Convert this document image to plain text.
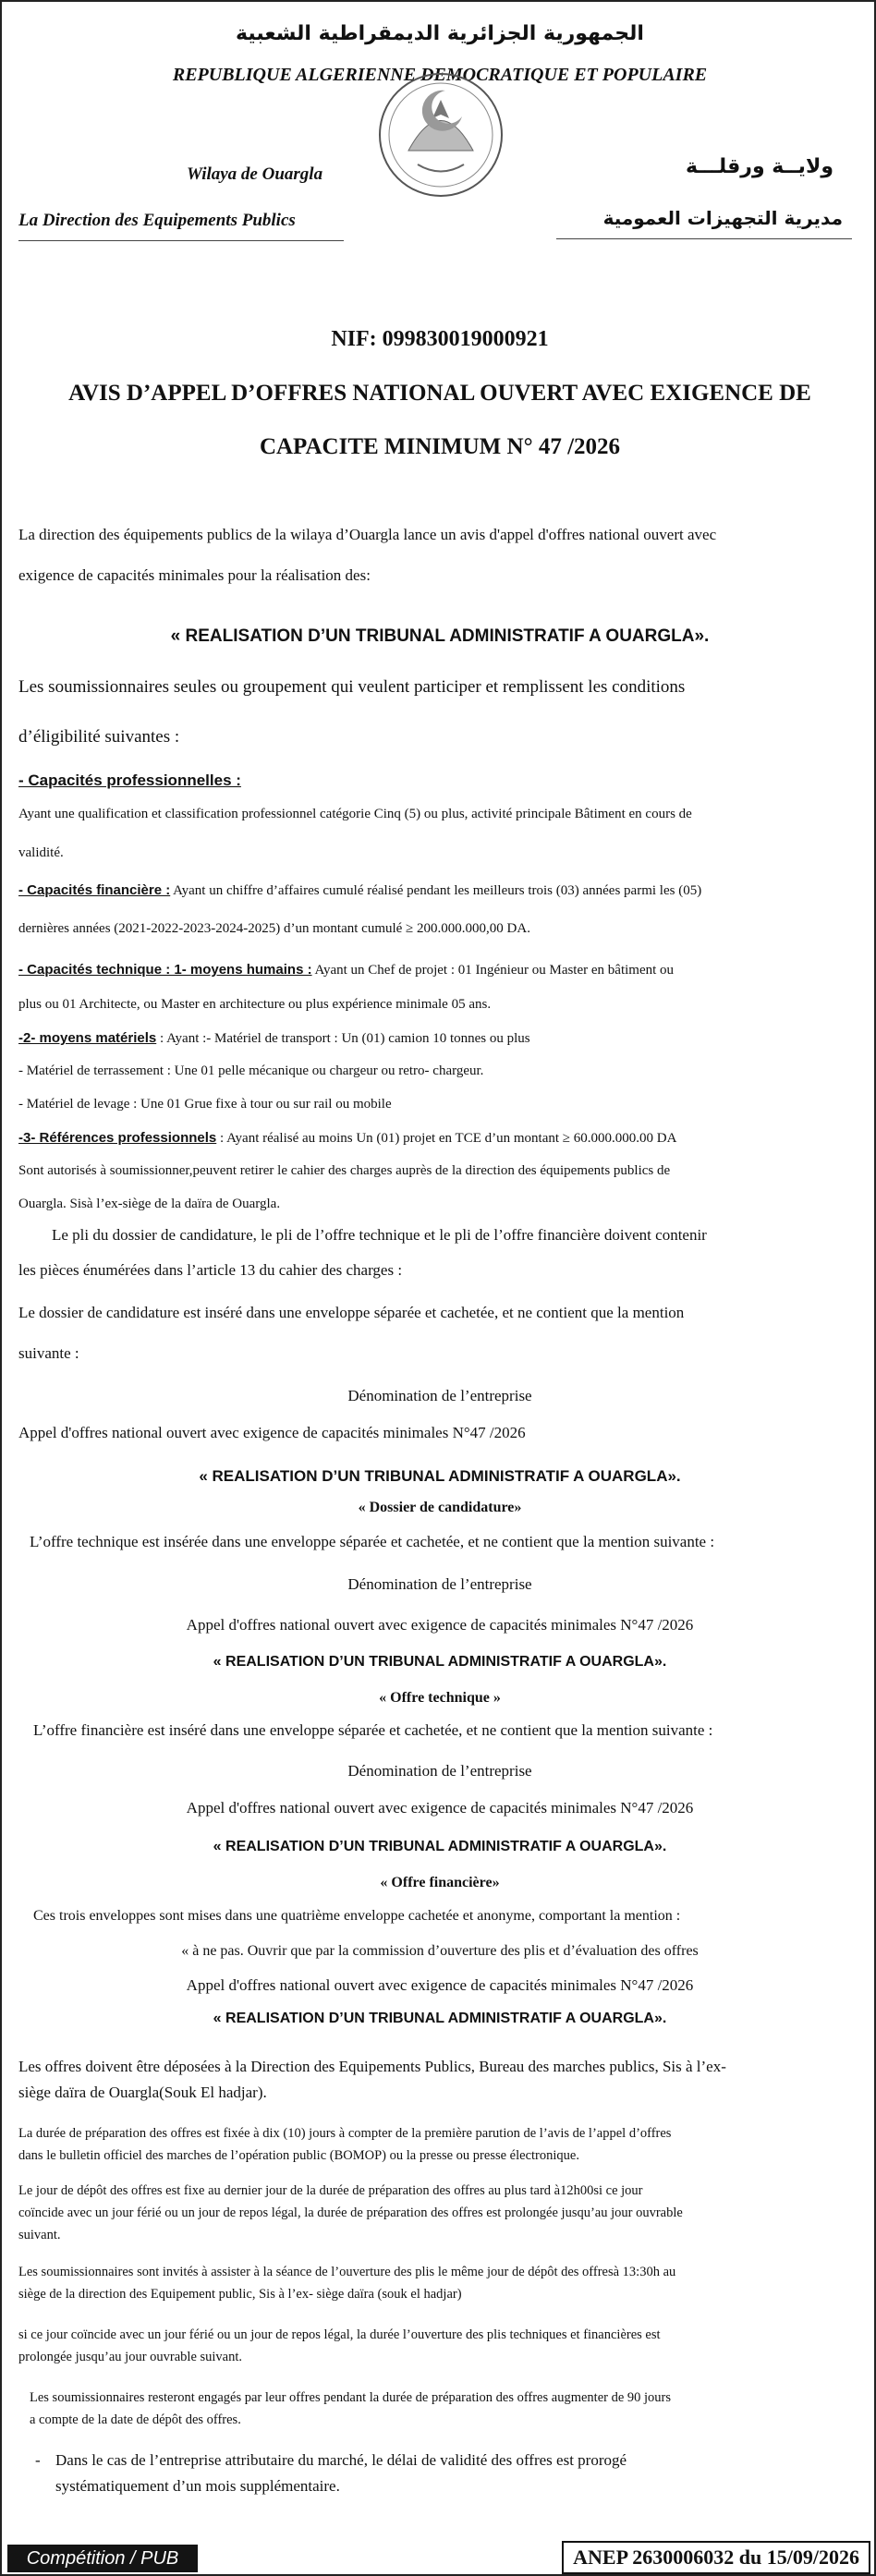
الجمهورية الجزائرية الديمقراطية الشعبية
REPUBLIQUE ALGERIENNE DEMOCRATIQUE ET POPULAIRE
Wilaya de Ouargla
La Direction des Equipements Publics
ولايــة ورقلـــة
مديرية التجهيزات العمومية
NIF: 099830019000921
AVIS D’APPEL D’OFFRES NATIONAL OUVERT AVEC EXIGENCE DE
CAPACITE MINIMUM N° 47 /2026
La direction des équipements publics de la wilaya d’Ouargla lance un avis d'appel d'offres national ouvert avec
exigence de capacités minimales pour la réalisation des:
« REALISATION D’UN TRIBUNAL ADMINISTRATIF A OUARGLA».
Les soumissionnaires seules ou groupement qui veulent participer et remplissent les conditions
d’éligibilité suivantes :
- Capacités professionnelles :
Ayant une qualification et classification professionnel catégorie Cinq (5) ou plus, activité principale Bâtiment en cours de
validité.
- Capacités financière : Ayant un chiffre d’affaires cumulé réalisé pendant les meilleurs trois (03) années parmi les (05)
dernières années (2021-2022-2023-2024-2025) d’un montant cumulé ≥ 200.000.000,00 DA.
- Capacités technique : 1- moyens humains : Ayant un Chef de projet : 01 Ingénieur ou Master en bâtiment ou
plus ou 01 Architecte, ou Master en architecture ou plus expérience minimale 05 ans.
-2- moyens matériels : Ayant :- Matériel de transport : Un (01) camion 10 tonnes ou plus
- Matériel de terrassement : Une 01 pelle mécanique ou chargeur ou retro- chargeur.
- Matériel de levage : Une 01 Grue fixe à tour ou sur rail ou mobile
-3- Références professionnels : Ayant réalisé au moins Un (01) projet en TCE d’un montant ≥ 60.000.000.00 DA
Sont autorisés à soumissionner,peuvent retirer le cahier des charges auprès de la direction des équipements publics de
Ouargla. Sisà l’ex-siège de la daïra de Ouargla.
Le pli du dossier de candidature, le pli de l’offre technique et le pli de l’offre financière doivent contenir
les pièces énumérées dans l’article 13 du cahier des charges :
Le dossier de candidature est inséré dans une enveloppe séparée et cachetée, et ne contient que la mention
suivante :
Dénomination de l’entreprise
Appel d'offres national ouvert avec exigence de capacités minimales N°47 /2026
« REALISATION D’UN TRIBUNAL ADMINISTRATIF A OUARGLA».
« Dossier de candidature»
L’offre technique est insérée dans une enveloppe séparée et cachetée, et ne contient que la mention suivante :
Dénomination de l’entreprise
Appel d'offres national ouvert avec exigence de capacités minimales N°47 /2026
« REALISATION D’UN TRIBUNAL ADMINISTRATIF A OUARGLA».
« Offre technique »
L’offre financière est inséré dans une enveloppe séparée et cachetée, et ne contient que la mention suivante :
Dénomination de l’entreprise
Appel d'offres national ouvert avec exigence de capacités minimales N°47 /2026
« REALISATION D’UN TRIBUNAL ADMINISTRATIF A OUARGLA».
« Offre financière»
Ces trois enveloppes sont mises dans une quatrième enveloppe cachetée et anonyme, comportant la mention :
« à ne pas. Ouvrir que par la commission d’ouverture des plis et d’évaluation des offres
Appel d'offres national ouvert avec exigence de capacités minimales N°47 /2026
« REALISATION D’UN TRIBUNAL ADMINISTRATIF A OUARGLA».
Les offres doivent être déposées à la Direction des Equipements Publics, Bureau des marches publics, Sis à l’ex-
siège daïra de Ouargla(Souk El hadjar).
La durée de préparation des offres est fixée à dix (10) jours à compter de la première parution de l’avis de l’appel d’offres
dans le bulletin officiel des marches de l’opération public (BOMOP) ou la presse ou presse électronique.
Le jour de dépôt des offres est fixe au dernier jour de la durée de préparation des offres au plus tard à12h00si ce jour
coïncide avec un jour férié ou un jour de repos légal, la durée de préparation des offres est prolongée jusqu’au jour ouvrable
suivant.
Les soumissionnaires sont invités à assister à la séance de l’ouverture des plis le même jour de dépôt des offresà 13:30h au
siège de la direction des Equipement public, Sis à l’ex- siège daïra (souk el hadjar)
si ce jour coïncide avec un jour férié ou un jour de repos légal, la durée l’ouverture des plis techniques et financières est
prolongée jusqu’au jour ouvrable suivant.
Les soumissionnaires resteront engagés par leur offres pendant la durée de préparation des offres augmenter de 90 jours
a compte de la date de dépôt des offres.
- Dans le cas de l’entreprise attributaire du marché, le délai de validité des offres est prorogé
systématiquement d’un mois supplémentaire.
Compétition / PUB	ANEP 2630006032 du 15/09/2026
